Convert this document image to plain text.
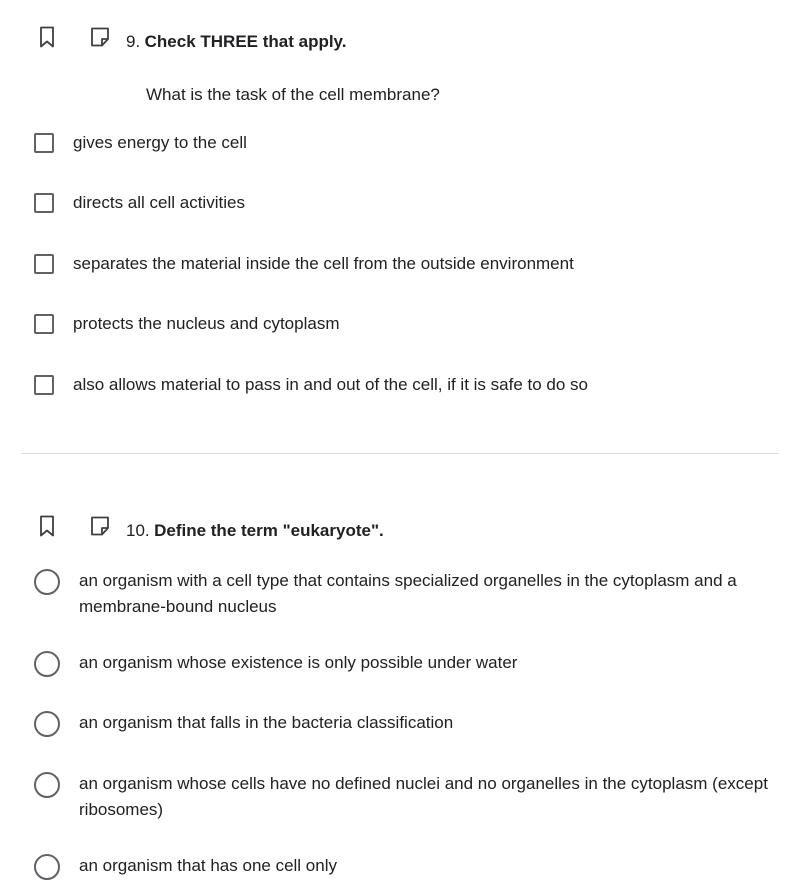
9. Check THREE that apply.
What is the task of the cell membrane?
gives energy to the cell
directs all cell activities
separates the material inside the cell from the outside environment
protects the nucleus and cytoplasm
also allows material to pass in and out of the cell, if it is safe to do so
10. Define the term "eukaryote".
an organism with a cell type that contains specialized organelles in the cytoplasm and a membrane-bound nucleus
an organism whose existence is only possible under water
an organism that falls in the bacteria classification
an organism whose cells have no defined nuclei and no organelles in the cytoplasm (except ribosomes)
an organism that has one cell only
